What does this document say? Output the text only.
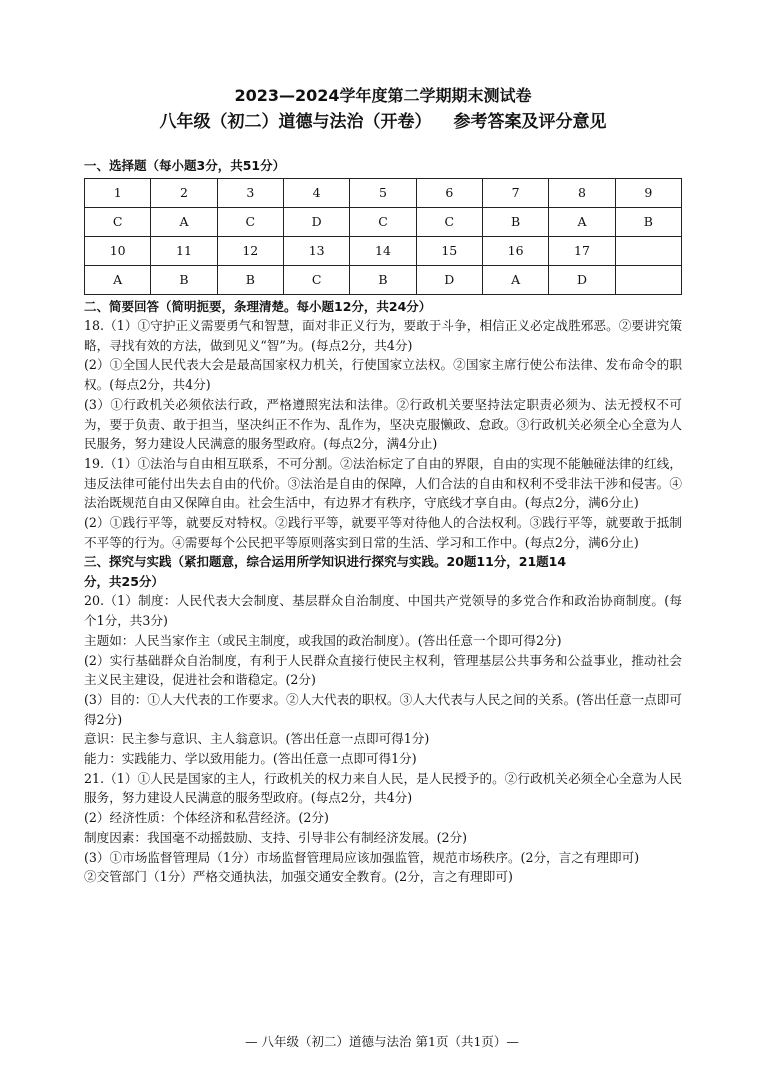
2023—2024学年度第二学期期末测试卷
八年级（初二）道德与法治（开卷） 参考答案及评分意见
一、选择题（每小题3分，共51分）
1	2	3	4	5	6	7	8	9
C	A	C	D	C	C	B	A	B
10	11	12	13	14	15	16	17	
A	B	B	C	B	D	A	D	
二、简要回答（简明扼要，条理清楚。每小题12分，共24分）

18.（1）①守护正义需要勇气和智慧，面对非正义行为，要敢于斗争，相信正义必定战胜邪恶。②要讲究策略，寻找有效的方法，做到见义“智”为。(每点2分，共4分)

(2）①全国人民代表大会是最高国家权力机关，行使国家立法权。②国家主席行使公布法律、发布命令的职权。(每点2分，共4分)

(3）①行政机关必须依法行政，严格遵照宪法和法律。②行政机关要坚持法定职责必须为、法无授权不可为，要于负责、敢于担当，坚决纠正不作为、乱作为，坚决克服懒政、怠政。③行政机关必须全心全意为人民服务，努力建设人民满意的服务型政府。(每点2分，满4分止)

19.（1）①法治与自由相互联系，不可分割。②法治标定了自由的界限，自由的实现不能触碰法律的红线，违反法律可能付出失去自由的代价。③法治是自由的保障，人们合法的自由和权利不受非法干涉和侵害。④法治既规范自由又保障自由。社会生活中，有边界才有秩序，守底线才享自由。(每点2分，满6分止)

(2）①践行平等，就要反对特权。②践行平等，就要平等对待他人的合法权利。③践行平等，就要敢于抵制不平等的行为。④需要每个公民把平等原则落实到日常的生活、学习和工作中。(每点2分，满6分止)

三、探究与实践（紧扣题意，综合运用所学知识进行探究与实践。20题11分，21题14
分，共25分）

20.（1）制度：人民代表大会制度、基层群众自治制度、中国共产党领导的多党合作和政治协商制度。(每个1分，共3分)

主题如：人民当家作主（或民主制度，或我国的政治制度）。(答出任意一个即可得2分)

(2）实行基础群众自治制度，有利于人民群众直接行使民主权利，管理基层公共事务和公益事业，推动社会主义民主建设，促进社会和谐稳定。(2分)

(3）目的：①人大代表的工作要求。②人大代表的职权。③人大代表与人民之间的关系。(答出任意一点即可得2分)

意识：民主参与意识、主人翁意识。(答出任意一点即可得1分)

能力：实践能力、学以致用能力。(答出任意一点即可得1分)

21.（1）①人民是国家的主人，行政机关的权力来自人民，是人民授予的。②行政机关必须全心全意为人民服务，努力建设人民满意的服务型政府。(每点2分，共4分)

(2）经济性质：个体经济和私营经济。(2分)

制度因素：我国毫不动摇鼓励、支持、引导非公有制经济发展。(2分)

(3）①市场监督管理局（1分）市场监督管理局应该加强监管，规范市场秩序。(2分，言之有理即可)

②交管部门（1分）严格交通执法，加强交通安全教育。(2分，言之有理即可)

— 八年级（初二）道德与法治 第1页（共1页）—
